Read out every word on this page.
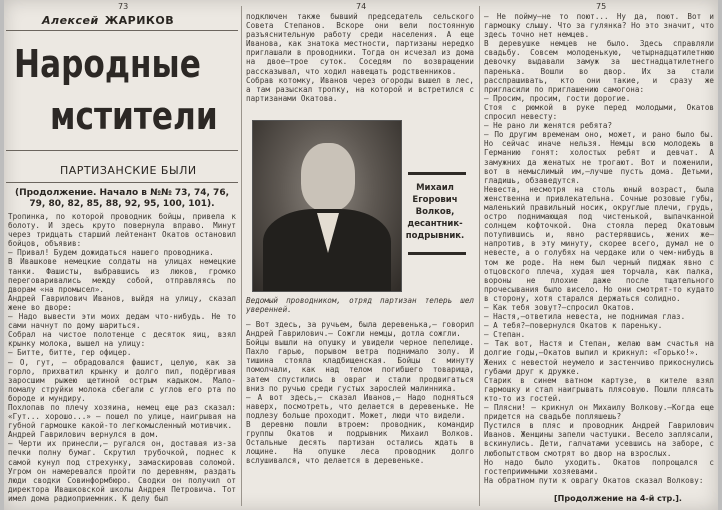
73
Алексей ЖАРИКОВ
Народные
мстители
ПАРТИЗАНСКИЕ БЫЛИ
(Продолжение. Начало в №№ 73, 74, 76, 79, 80, 82, 85, 88, 92, 95, 100, 101).
Тропинка, по которой проводник бойцы, привела к болоту. И здесь круто повернула вправо. Минут через тридцать старший лейтенант Окатов остановил бойцов, объявив:
— Привал! Будем дожидаться нашего проводника.
В Ивашкове немецкие солдаты на улицах немецкие танки. Фашисты, выбравшись из люков, громко переговаривались между собой, отправляясь по дворам «на промысел».
Андрей Гаврилович Иванов, выйдя на улицу, сказал жене во дворе:
— Надо вывести эти моих дедам что-нибудь. Не то сами начнут по дому шариться.
Собрал на чистое полотенце с десяток яиц, взял крынку молока, вышел на улицу:
— Битте, битте, гер офицер.
— О, гут, — обрадовался фашист, целую, как за горло, прихватил крынку и долго пил, подёргивая заросшим рыжею щетиной острым кадыком. Мало-помалу струйки молока сбегали с углов его рта по бороде и мундиру.
Похлопав по плечу хозяина, немец еще раз сказал: «Гут... хорошо...» — пошел по улице, наигрывая на губной гармошке какой-то легкомысленный мотивчик.
Андрей Гаврилович вернулся в дом.
— Черти их принесли,— ругался он, доставая из-за печки полну бумаг. Скрутил трубочкой, поднес к самой кунул под стрехунку, замаскировав соломой. Угром он намеревался пройти по деревням, раздать люди сводки Совинформбюро. Сводки он получил от директора Ивашковской школы Андрея Петровича. Тот имел дома радиоприемник. К делу был
74
подключен также бывший председатель сельского Совета Степанов. Вскоре они вели постоянную разъяснительную работу среди населения. А еще Иванова, как знатока местности, партизаны нередко приглашали в проводники. Тогда он исчезал из дома на двое—трое суток. Соседям по возвращении рассказывал, что ходил навещать родственников.
Собрав котомку, Иванов через огороды вышел в лес, а там разыскал тропку, на которой и встретился с партизанами Окатова.
Михаил Егорович Волков, десантник-подрывник.
Ведомый проводником, отряд партизан теперь шел уверенней.
— Вот здесь, за ручьем, была деревенька,— говорил Андрей Гаврилович.— Сожгли немцы, дотла сожгли.
Бойцы вышли на опушку и увидели черное пепелище. Пахло гарью, порывом ветра поднимало золу. И тишина стояла кладбищенская. Бойцы с минуту помолчали, как над телом погибшего товарища, затем спустились в овраг и стали продвигаться вниз по ручью среди густых зарослей малинника.
— А вот здесь,— сказал Иванов,— Надо подняться наверх, посмотреть, что делается в деревеньке. Не подлезу больше проходит. Может, люди что видели.
В деревню пошли втроем: проводник, командир группы Окатов и подрывник Михаил Волков. Остальные десять партизан остались ждать в лощине. На опушке леса проводник долго вслушивался, что делается в деревеньке.
75
— Не пойму—не то поют... Ну да, поют. Вот и гармошку слышу. Что за гулянка? Но это значит, что здесь точно нет немцев.
В деревушке немцев не было. Здесь справляли свадьбу. Совсем молоденькую, четырнадцатилетнюю девочку выдавали замуж за шестнадцатилетнего паренька. Вошли во двор. Их за стали расспрашивать, кто они такие, и сразу же пригласили по приглашению самогона:
— Просим, просим, гости дорогие.
Стоя с рюмкой в руке перед молодыми, Окатов спросил невесту:
— Не рано ли женятся ребята?
— По другим временам оно, может, и рано было бы. Но сейчас иначе нельзя. Немцы всю молодежь в Германию гонят: холостых ребят и девчат. А замужних да женатых не трогают. Вот и поженили, вот в немыслимый им,—лучше пусть дома. Детьми, гладишь, обзаведутся.
Невеста, несмотря на столь юный возраст, была женственна и привлекательна. Сочные розовые губы, маленький правильный носик, округлые плечи, грудь, остро поднимающая под чистенькой, выпачканной солнцем кофточкой. Она стояла перед Окатовым потупившись и, явно растерявшись, жених же—напротив, в эту минуту, скорее всего, думал не о невесте, а о голубях на чердаке или о чем-нибудь в том же роде. На нем был черный пиджак явно с отцовского плеча, худая шея торчала, как палка, вороны не плохие даже после тщательного прочесывания было висело. Но они смотрят-то кудато в сторону, хотя старался держаться солидно.
— Как тебя зовут?—спросил Окатов.
— Настя,—ответила невеста, не поднимая глаз.
— А тебя?—повернулся Окатов к пареньку.
— Степан.
— Так вот, Настя и Степан, желаю вам счастья на долгие годы,—Окатов выпил и крикнул: «Горько!».
Жених с невестой неумело и застенчиво прикоснулись губами друг к дружке.
Старик в синем ватном картузе, в кителе взял гармошку и стал наигрывать плясовую. Пошли плясать кто-то из гостей.
— Плясни! — крикнул он Михаилу Волкову.—Когда еще придется на свадьбе попляшешь?
Пустился в пляс и проводник Андрей Гаврилович Иванов. Женщины запели частушки. Весело заплясали, вскинулись. Дети, галчатами усевшись на заборе, с любопытством смотрят во двор на взрослых.
Но надо было уходить. Окатов попрощался с гостеприимными хозяевами.
На обратном пути к оврагу Окатов сказал Волкову:
[Продолжение на 4-й стр.].
